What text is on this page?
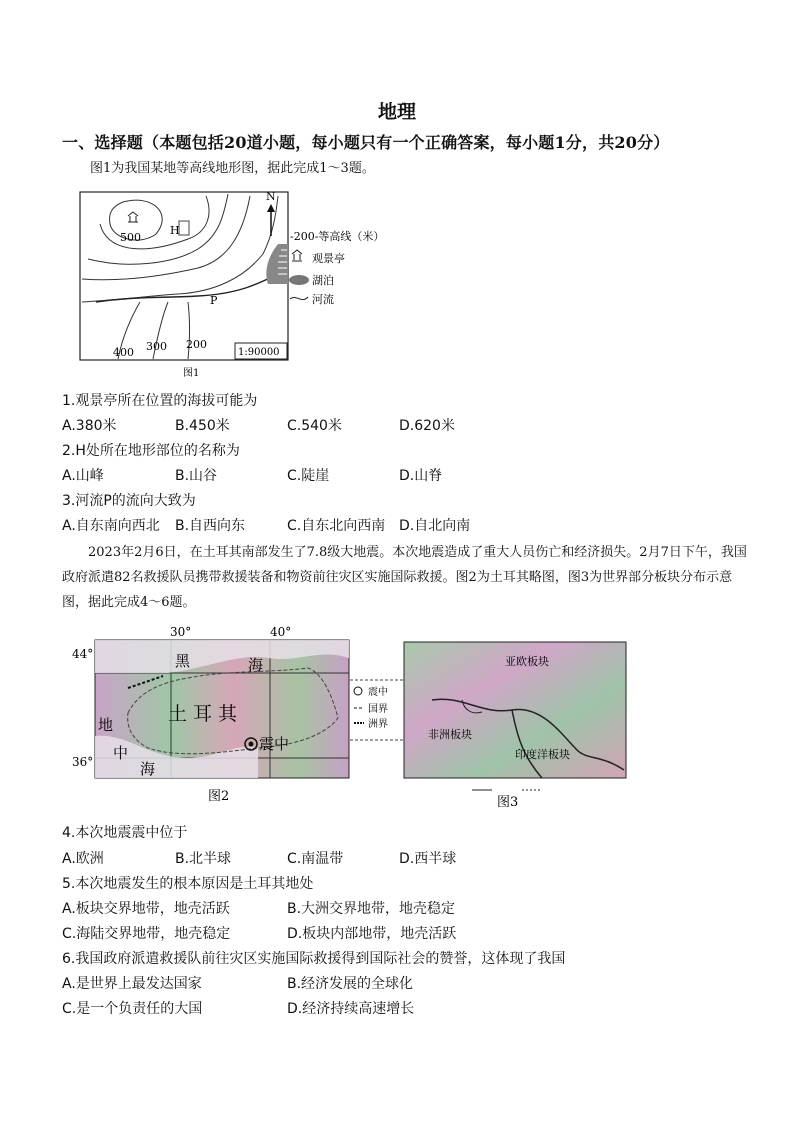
地理
一、选择题（本题包括20道小题，每小题只有一个正确答案，每小题1分，共20分）
图1为我国某地等高线地形图，据此完成1～3题。
N
500
400 300 200
H
P
1:90000
-200-等高线（米）
观景亭
湖泊
河流
图1
1.观景亭所在位置的海拔可能为
A.380米	B.450米	C.540米	D.620米
2.H处所在地形部位的名称为
A.山峰	B.山谷	C.陡崖	D.山脊
3.河流P的流向大致为
A.自东南向西北 B.自西向东	C.自东北向西南 D.自北向南
2023年2月6日，在土耳其南部发生了7.8级大地震。本次地震造成了重大人员伤亡和经济损失。2月7日下午，我国政府派遣82名救援队员携带救援装备和物资前往灾区实施国际救援。图2为土耳其略图，图3为世界部分板块分布示意图，据此完成4～6题。
30°	40°
44°
36°
黑	海
土耳其
地
中
海
震中
震中
国界
洲界
图2
亚欧板块
非洲板块
印度洋板块
图3
4.本次地震震中位于
A.欧洲	B.北半球	C.南温带	D.西半球
5.本次地震发生的根本原因是土耳其地处
A.板块交界地带，地壳活跃	B.大洲交界地带，地壳稳定
C.海陆交界地带，地壳稳定	D.板块内部地带，地壳活跃
6.我国政府派遣救援队前往灾区实施国际救援得到国际社会的赞誉，这体现了我国
A.是世界上最发达国家	B.经济发展的全球化
C.是一个负责任的大国	D.经济持续高速增长
